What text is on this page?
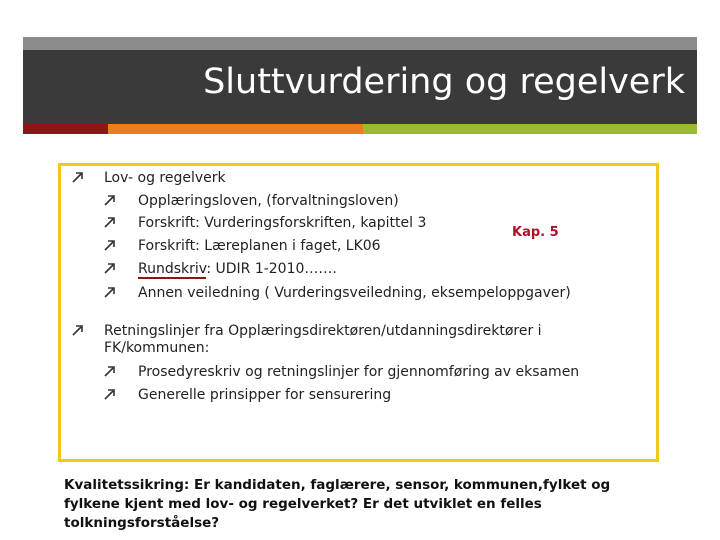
Sluttvurdering og regelverk
Lov- og regelverk
Opplæringsloven, (forvaltningsloven)
Forskrift: Vurderingsforskriften, kapittel 3
Kap. 5
Forskrift: Læreplanen i faget, LK06
Rundskriv: UDIR 1-2010…….
Annen veiledning ( Vurderingsveiledning, eksempeloppgaver)
Retningslinjer fra Opplæringsdirektøren/utdanningsdirektører i
FK/kommunen:
Prosedyreskriv og retningslinjer for gjennomføring av eksamen
Generelle prinsipper for sensurering
Kvalitetssikring: Er kandidaten, faglærere, sensor, kommunen,fylket og fylkene kjent med lov- og regelverket? Er det utviklet en felles tolkningsforståelse?
